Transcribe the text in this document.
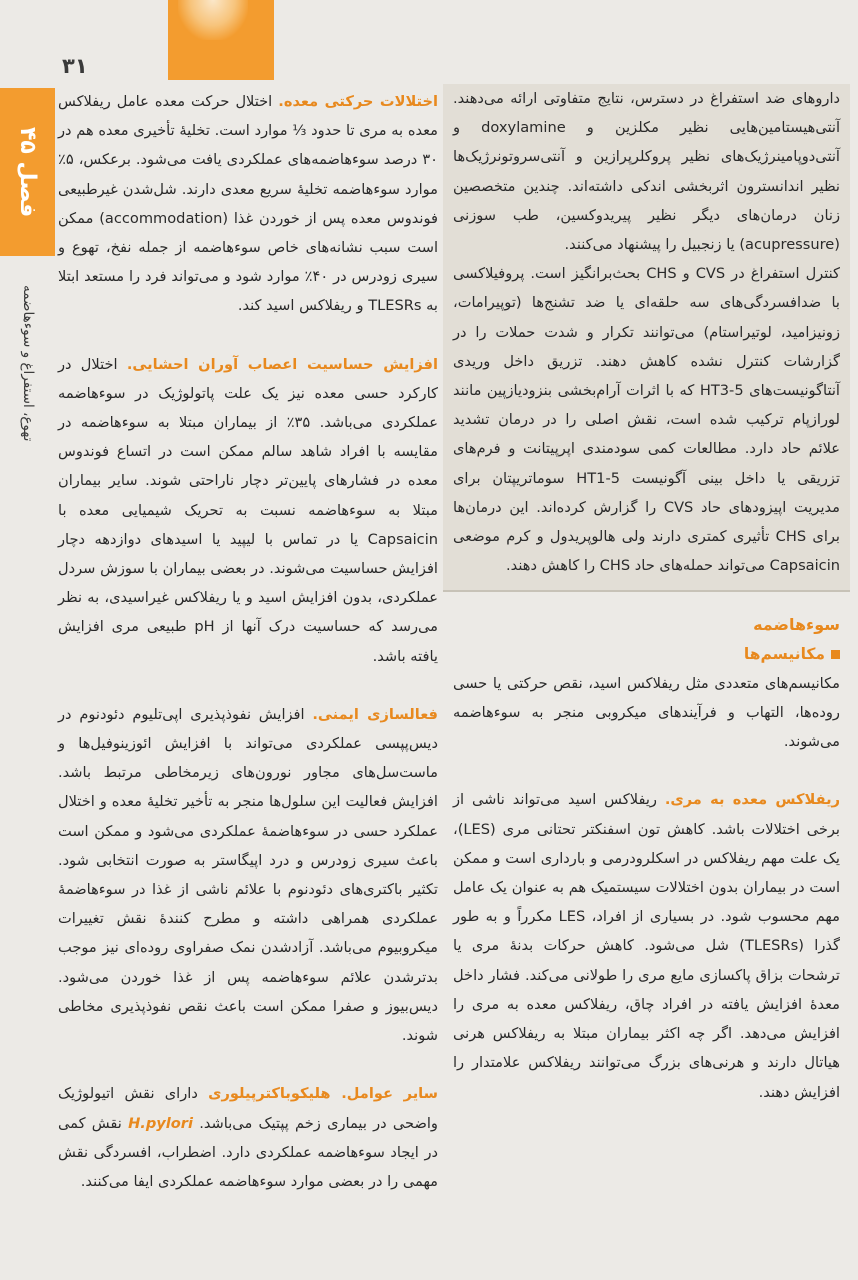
۳۱
فصل ۴۵
تهوع، استفراغ و سوءهاضمه

اختلالات حرکتی معده. اختلال حرکت معده عامل ریفلاکس معده به مری تا حدود ⅓ موارد است. تخلیهٔ تأخیری معده هم در ۳۰ درصد سوءهاضمه‌های عملکردی یافت می‌شود. برعکس، ۵٪ موارد سوءهاضمه تخلیهٔ سریع معدی دارند. شل‌شدن غیرطبیعی فوندوس معده پس از خوردن غذا (accommodation) ممکن است سبب نشانه‌های خاص سوءهاضمه از جمله نفخ، تهوع و سیری زودرس در ۴۰٪ موارد شود و می‌تواند فرد را مستعد ابتلا به TLESRs و ریفلاکس اسید کند.

افزایش حساسیت اعصاب آوران احشایی. اختلال در کارکرد حسی معده نیز یک علت پاتولوژیک در سوءهاضمه عملکردی می‌باشد. ۳۵٪ از بیماران مبتلا به سوءهاضمه در مقایسه با افراد شاهد سالم ممکن است در اتساع فوندوس معده در فشارهای پایین‌تر دچار ناراحتی شوند. سایر بیماران مبتلا به سوءهاضمه نسبت به تحریک شیمیایی معده با Capsaicin یا در تماس با لیپید یا اسیدهای دوازدهه دچار افزایش حساسیت می‌شوند. در بعضی بیماران با سوزش سردل عملکردی، بدون افزایش اسید و یا ریفلاکس غیراسیدی، به نظر می‌رسد که حساسیت درک آنها از pH طبیعی مری افزایش یافته باشد.

فعالسازی ایمنی. افزایش نفوذپذیری اپی‌تلیوم دئودنوم در دیس‌پپسی عملکردی می‌تواند با افزایش ائوزینوفیل‌ها و ماست‌سل‌های مجاور نورون‌های زیرمخاطی مرتبط باشد. افزایش فعالیت این سلول‌ها منجر به تأخیر تخلیهٔ معده و اختلال عملکرد حسی در سوءهاضمهٔ عملکردی می‌شود و ممکن است باعث سیری زودرس و درد اپیگاستر به صورت انتخابی شود. تکثیر باکتری‌های دئودنوم با علائم ناشی از غذا در سوءهاضمهٔ عملکردی همراهی داشته و مطرح کنندهٔ نقش تغییرات میکروبیوم می‌باشد. آزادشدن نمک صفراوی روده‌ای نیز موجب بدترشدن علائم سوءهاضمه پس از غذا خوردن می‌شود. دیس‌بیوز و صفرا ممکن است باعث نقص نفوذپذیری مخاطی شوند.

سایر عوامل. هلیکوباکترپیلوری دارای نقش اتیولوژیک واضحی در بیماری زخم پپتیک می‌باشد. H.pylori نقش کمی در ایجاد سوءهاضمه عملکردی دارد. اضطراب، افسردگی نقش مهمی را در بعضی موارد سوءهاضمه عملکردی ایفا می‌کنند.

داروهای ضد استفراغ در دسترس، نتایج متفاوتی ارائه می‌دهند. آنتی‌هیستامین‌هایی نظیر مکلزین و doxylamine و آنتی‌دوپامینرژیک‌های نظیر پروکلرپرازین و آنتی‌سروتونرژیک‌ها نظیر اندانسترون اثربخشی اندکی داشته‌اند. چندین متخصصین زنان درمان‌های دیگر نظیر پیریدوکسین، طب سوزنی (acupressure) یا زنجبیل را پیشنهاد می‌کنند.

کنترل استفراغ در CVS و CHS بحث‌برانگیز است. پروفیلاکسی با ضدافسردگی‌های سه حلقه‌ای یا ضد تشنج‌ها (توپیرامات، زونیزامید، لوتیراستام) می‌توانند تکرار و شدت حملات را در گزارشات کنترل نشده کاهش دهند. تزریق داخل وریدی آنتاگونیست‌های 5-HT3 که با اثرات آرام‌بخشی بنزودیازپین مانند لورازپام ترکیب شده است، نقش اصلی را در درمان تشدید علائم حاد دارد. مطالعات کمی سودمندی اپرپیتانت و فرم‌های تزریقی یا داخل بینی آگونیست 5-HT1 سوماتریپتان برای مدیریت اپیزودهای حاد CVS را گزارش کرده‌اند. این درمان‌ها برای CHS تأثیری کمتری دارند ولی هالوپریدول و کرم موضعی Capsaicin می‌تواند حمله‌های حاد CHS را کاهش دهند.

سوءهاضمه
مکانیسم‌ها

مکانیسم‌های متعددی مثل ریفلاکس اسید، نقص حرکتی یا حسی روده‌ها، التهاب و فرآیندهای میکروبی منجر به سوءهاضمه می‌شوند.

ریفلاکس معده به مری. ریفلاکس اسید می‌تواند ناشی از برخی اختلالات باشد. کاهش تون اسفنکتر تحتانی مری (LES)، یک علت مهم ریفلاکس در اسکلرودرمی و بارداری است و ممکن است در بیماران بدون اختلالات سیستمیک هم به عنوان یک عامل مهم محسوب شود. در بسیاری از افراد، LES مکرراً و به طور گذرا (TLESRs) شل می‌شود. کاهش حرکات بدنهٔ مری یا ترشحات بزاق پاکسازی مایع مری را طولانی می‌کند. فشار داخل معدهٔ افزایش یافته در افراد چاق، ریفلاکس معده به مری را افزایش می‌دهد. اگر چه اکثر بیماران مبتلا به ریفلاکس هرنی هیاتال دارند و هرنی‌های بزرگ می‌توانند ریفلاکس علامتدار را افزایش دهند.
